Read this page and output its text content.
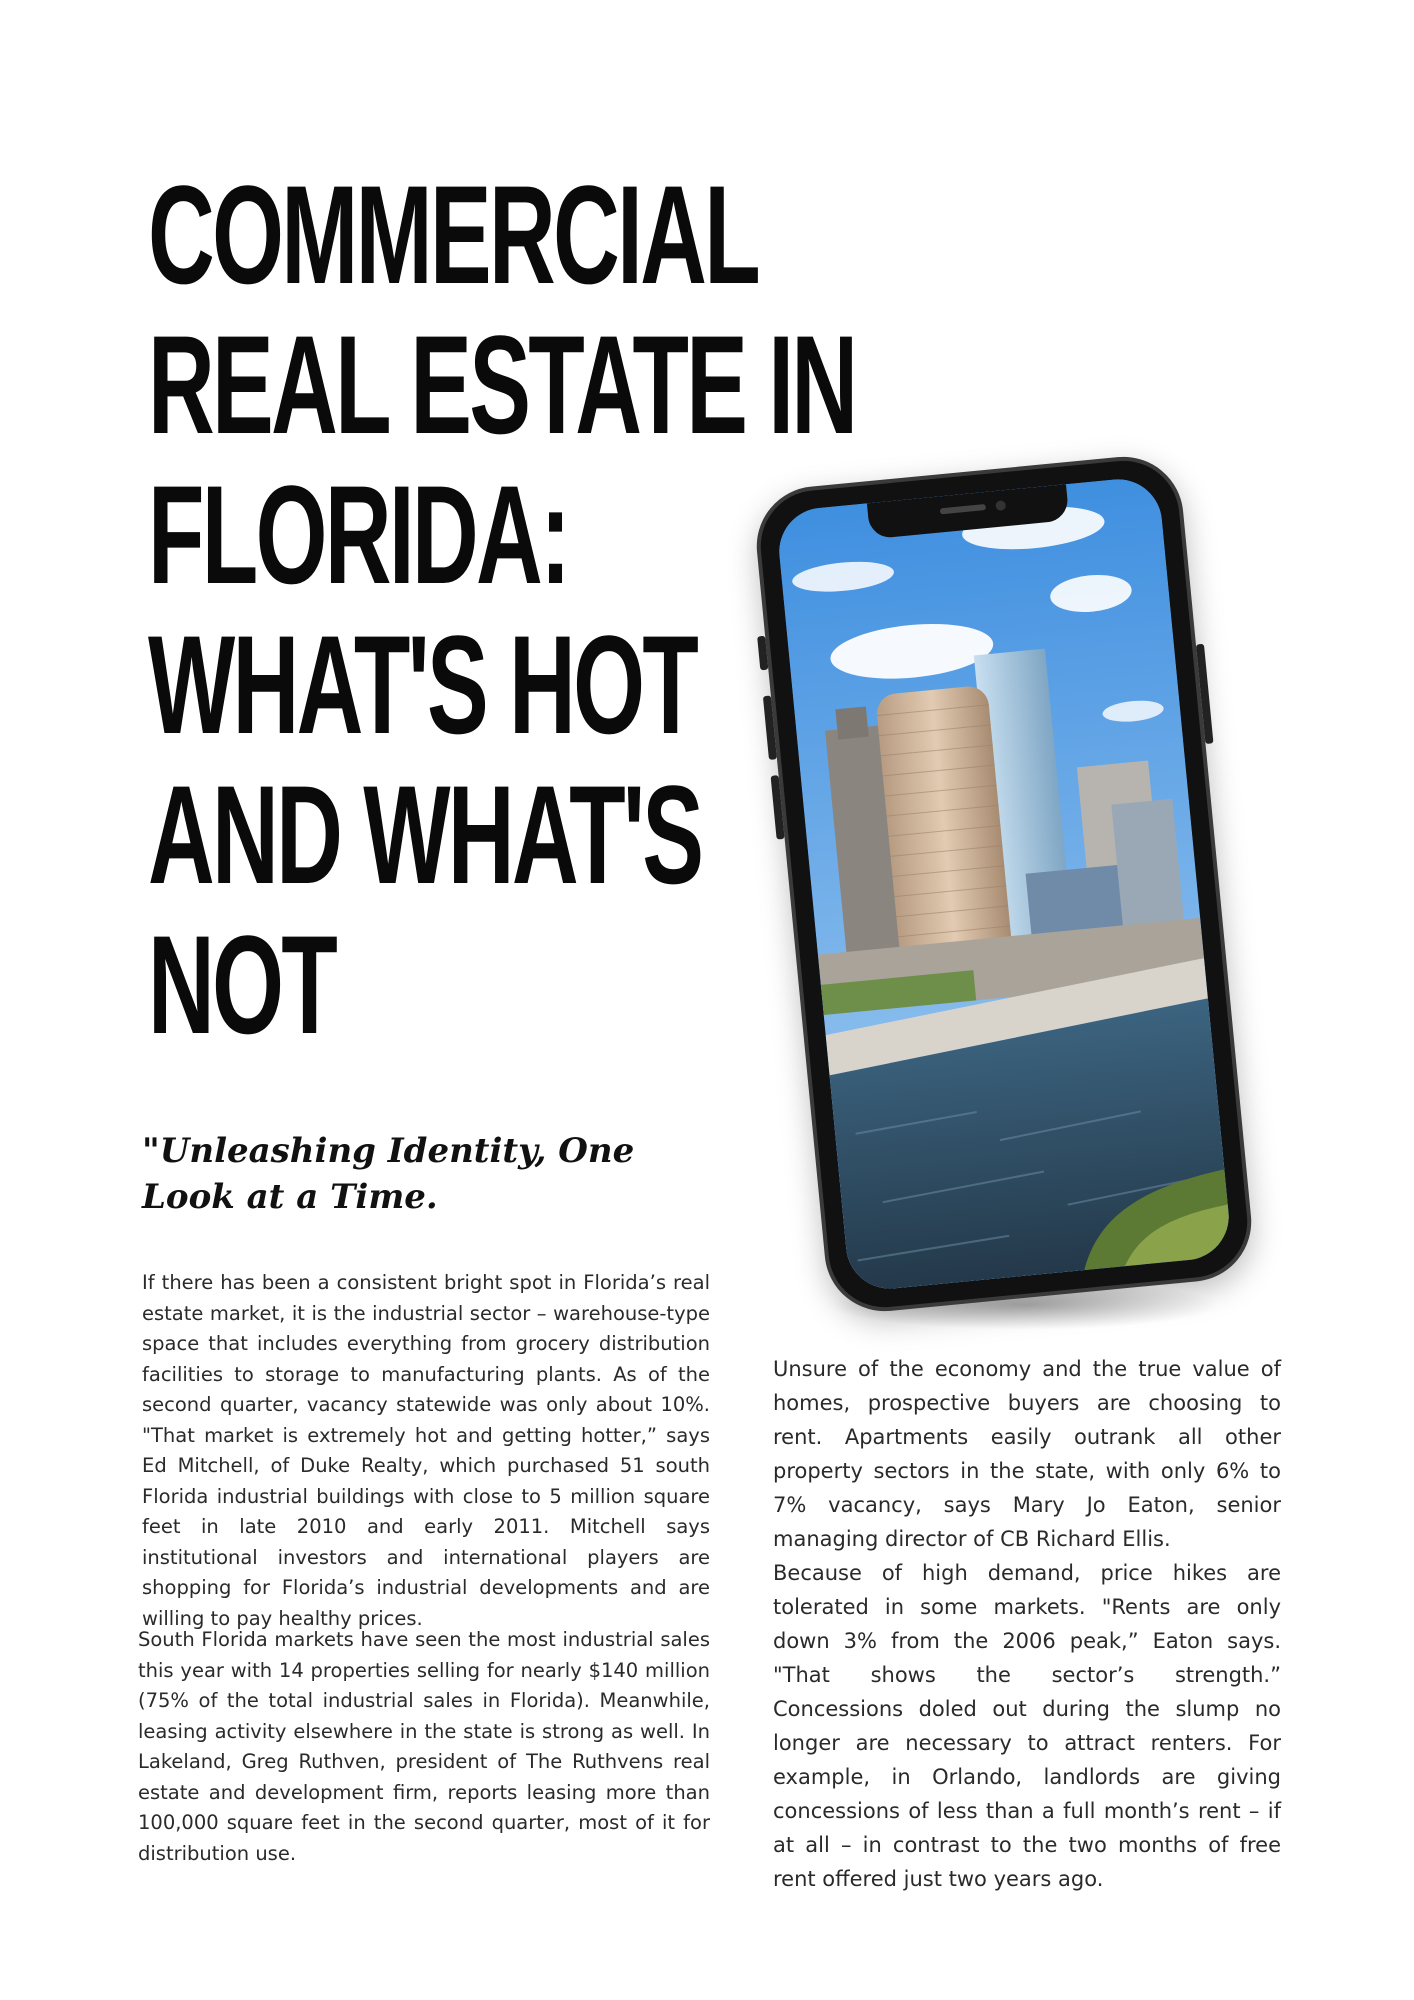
COMMERCIAL
REAL ESTATE IN
FLORIDA:
WHAT'S HOT
AND WHAT'S
NOT

"Unleashing Identity, One Look at a Time.

If there has been a consistent bright spot in Florida’s real estate market, it is the industrial sector – warehouse-type space that includes everything from grocery distribution facilities to storage to manufacturing plants. As of the second quarter, vacancy statewide was only about 10%. "That market is extremely hot and getting hotter,” says Ed Mitchell, of Duke Realty, which purchased 51 south Florida industrial buildings with close to 5 million square feet in late 2010 and early 2011. Mitchell says institutional investors and international players are shopping for Florida’s industrial developments and are willing to pay healthy prices.

South Florida markets have seen the most industrial sales this year with 14 properties selling for nearly $140 million (75% of the total industrial sales in Florida). Meanwhile, leasing activity elsewhere in the state is strong as well. In Lakeland, Greg Ruthven, president of The Ruthvens real estate and development firm, reports leasing more than 100,000 square feet in the second quarter, most of it for distribution use.

Unsure of the economy and the true value of homes, prospective buyers are choosing to rent. Apartments easily outrank all other property sectors in the state, with only 6% to 7% vacancy, says Mary Jo Eaton, senior managing director of CB Richard Ellis.

Because of high demand, price hikes are tolerated in some markets. "Rents are only down 3% from the 2006 peak,” Eaton says. "That shows the sector’s strength.” Concessions doled out during the slump no longer are necessary to attract renters. For example, in Orlando, landlords are giving concessions of less than a full month’s rent – if at all – in contrast to the two months of free rent offered just two years ago.
